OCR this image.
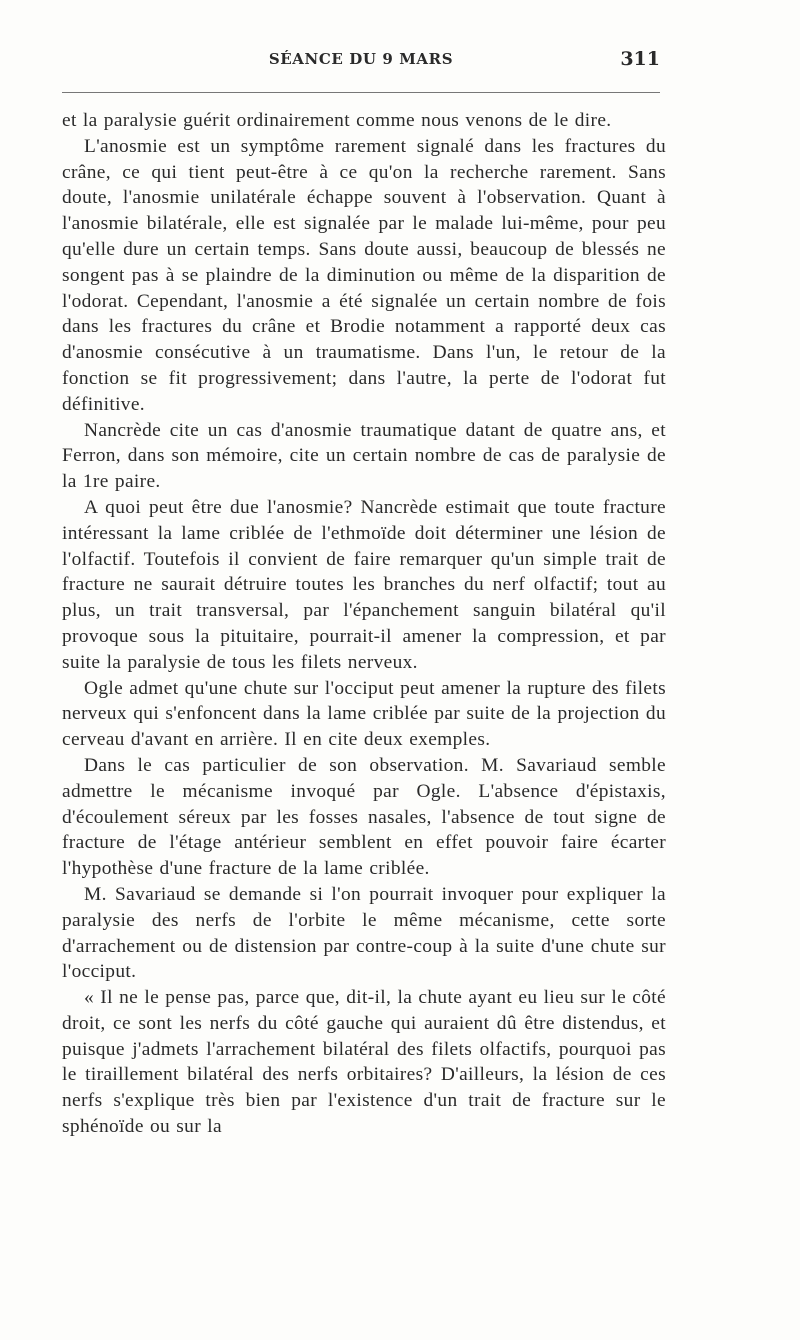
SÉANCE DU 9 MARS	311

et la paralysie guérit ordinairement comme nous venons de le dire.

L'anosmie est un symptôme rarement signalé dans les fractures du crâne, ce qui tient peut-être à ce qu'on la recherche rarement. Sans doute, l'anosmie unilatérale échappe souvent à l'observation. Quant à l'anosmie bilatérale, elle est signalée par le malade lui-même, pour peu qu'elle dure un certain temps. Sans doute aussi, beaucoup de blessés ne songent pas à se plaindre de la diminution ou même de la disparition de l'odorat. Cependant, l'anosmie a été signalée un certain nombre de fois dans les fractures du crâne et Brodie notamment a rapporté deux cas d'anosmie consécutive à un traumatisme. Dans l'un, le retour de la fonction se fit progressivement; dans l'autre, la perte de l'odorat fut définitive.

Nancrède cite un cas d'anosmie traumatique datant de quatre ans, et Ferron, dans son mémoire, cite un certain nombre de cas de paralysie de la 1re paire.

A quoi peut être due l'anosmie? Nancrède estimait que toute fracture intéressant la lame criblée de l'ethmoïde doit déterminer une lésion de l'olfactif. Toutefois il convient de faire remarquer qu'un simple trait de fracture ne saurait détruire toutes les branches du nerf olfactif; tout au plus, un trait transversal, par l'épanchement sanguin bilatéral qu'il provoque sous la pituitaire, pourrait-il amener la compression, et par suite la paralysie de tous les filets nerveux.

Ogle admet qu'une chute sur l'occiput peut amener la rupture des filets nerveux qui s'enfoncent dans la lame criblée par suite de la projection du cerveau d'avant en arrière. Il en cite deux exemples.

Dans le cas particulier de son observation. M. Savariaud semble admettre le mécanisme invoqué par Ogle. L'absence d'épistaxis, d'écoulement séreux par les fosses nasales, l'absence de tout signe de fracture de l'étage antérieur semblent en effet pouvoir faire écarter l'hypothèse d'une fracture de la lame criblée.

M. Savariaud se demande si l'on pourrait invoquer pour expliquer la paralysie des nerfs de l'orbite le même mécanisme, cette sorte d'arrachement ou de distension par contre-coup à la suite d'une chute sur l'occiput.

« Il ne le pense pas, parce que, dit-il, la chute ayant eu lieu sur le côté droit, ce sont les nerfs du côté gauche qui auraient dû être distendus, et puisque j'admets l'arrachement bilatéral des filets olfactifs, pourquoi pas le tiraillement bilatéral des nerfs orbitaires? D'ailleurs, la lésion de ces nerfs s'explique très bien par l'existence d'un trait de fracture sur le sphénoïde ou sur la
